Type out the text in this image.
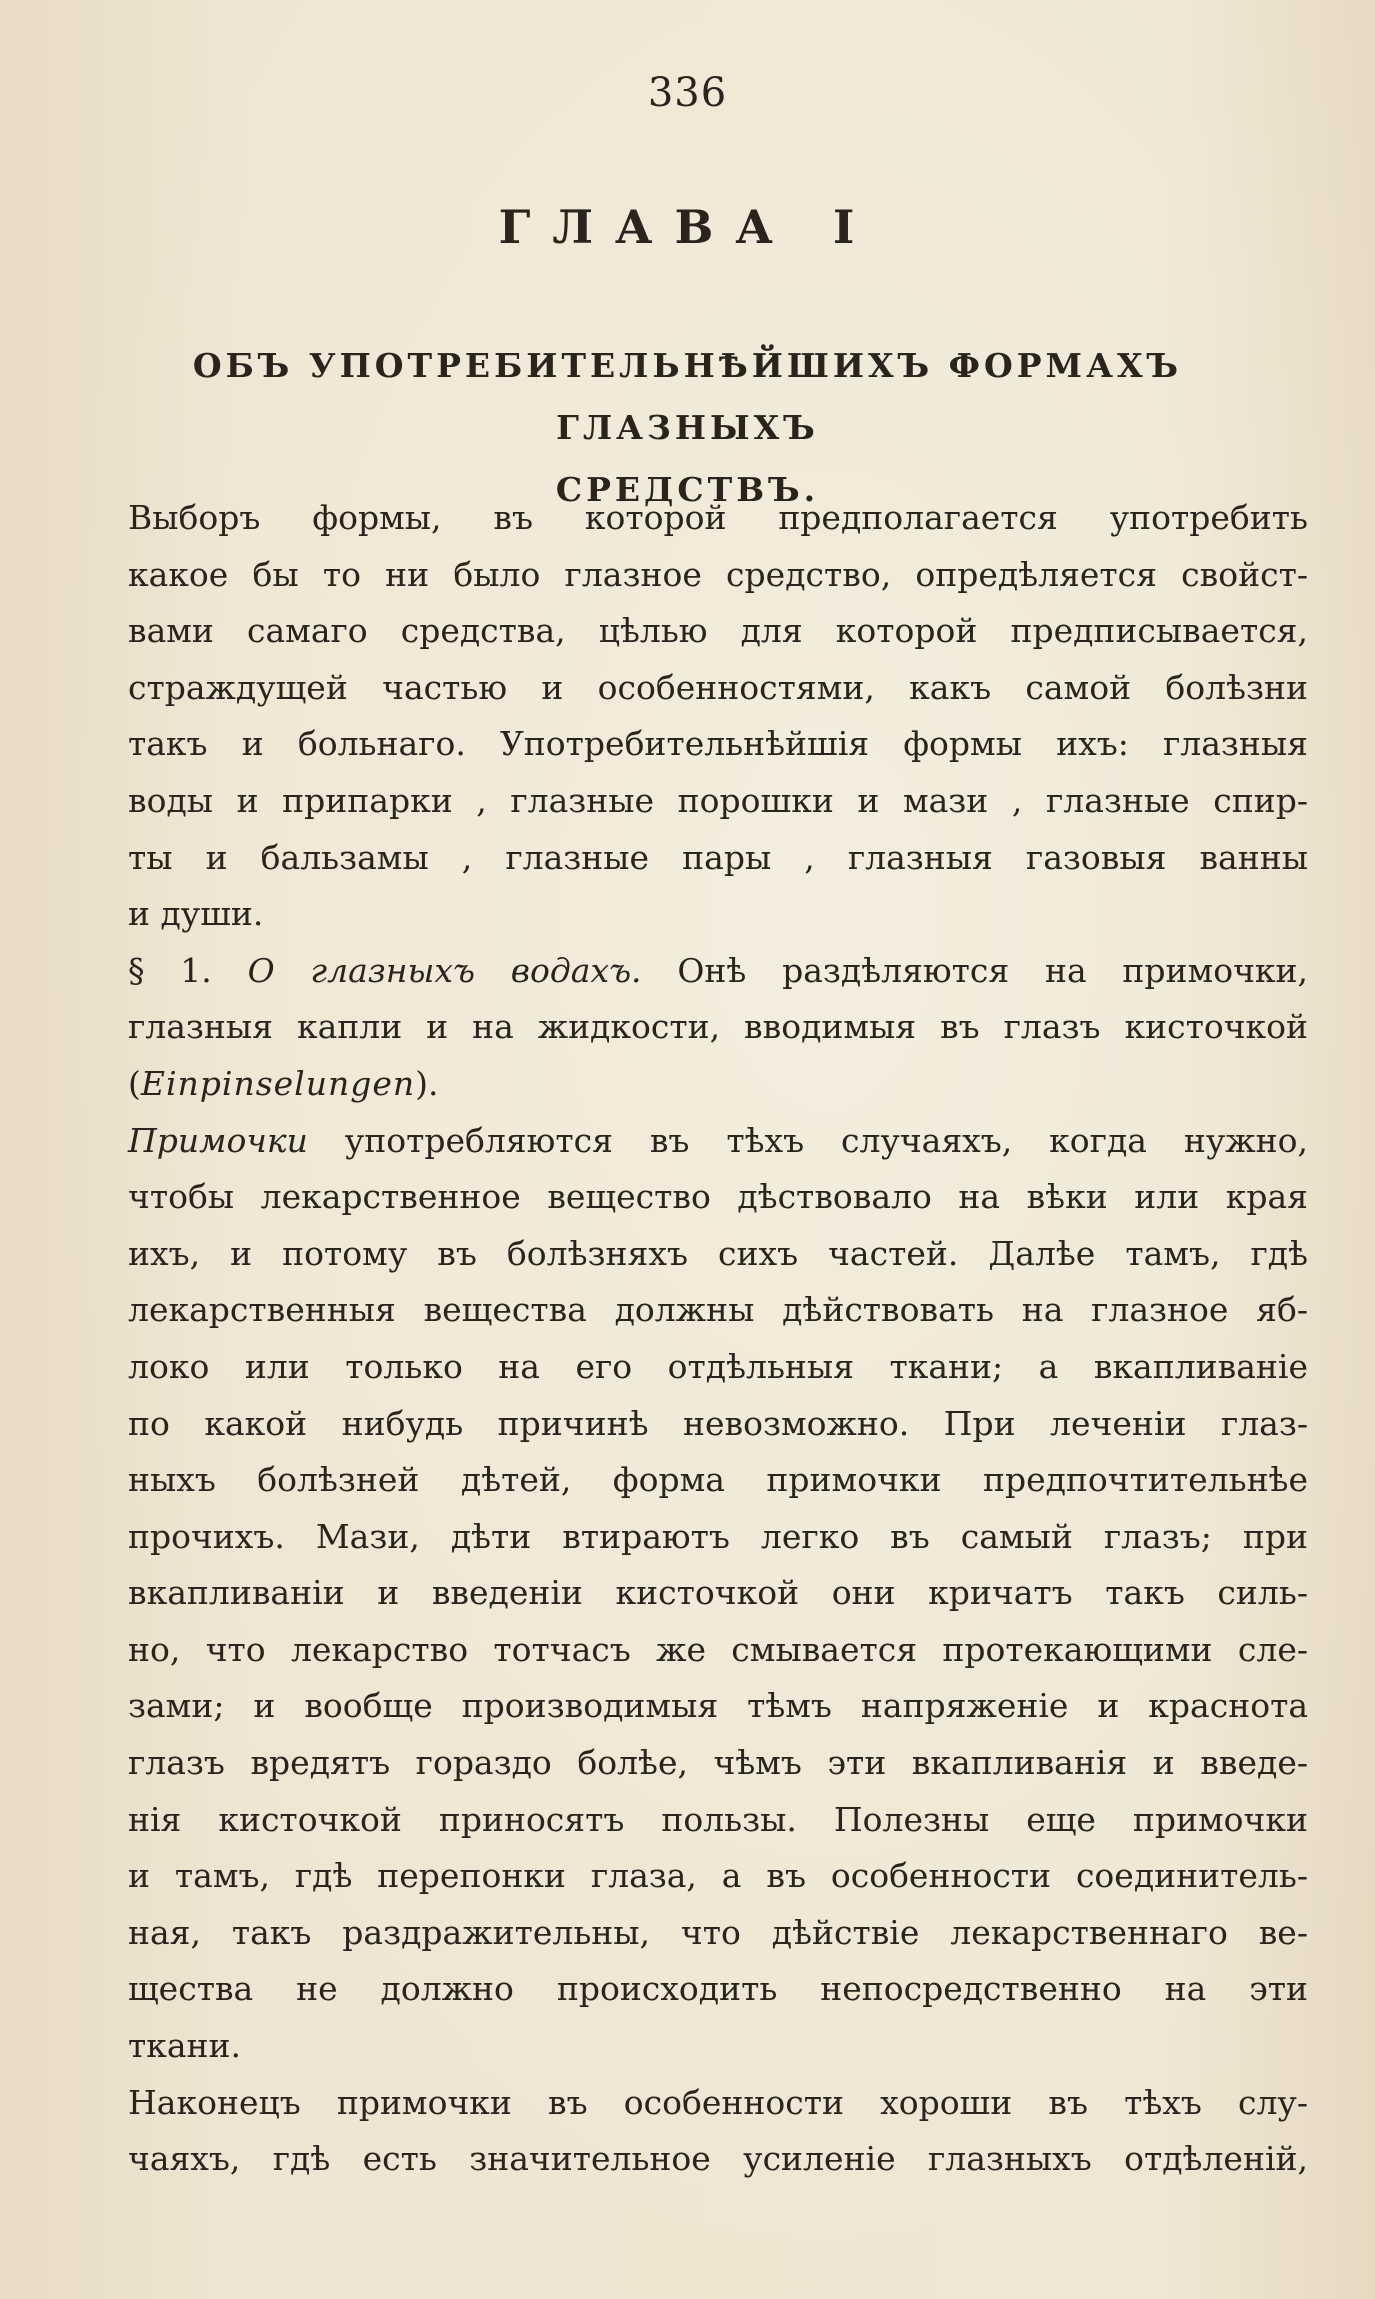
336
ГЛАВА I
ОБЪ УПОТРЕБИТЕЛЬНѢЙШИХЪ ФОРМАХЪ ГЛАЗНЫХЪ
СРЕДСТВЪ.
Выборъ формы, въ которой предполагается употребить
какое бы то ни было глазное средство, опредѣляется свойст-
вами самаго средства, цѣлью для которой предписывается,
страждущей частью и особенностями, какъ самой болѣзни
такъ и больнаго. Употребительнѣйшія формы ихъ: глазныя
воды и припарки , глазные порошки и мази , глазные спир-
ты и бальзамы , глазные пары , глазныя газовыя ванны
и души.
§ 1. О глазныхъ водахъ. Онѣ раздѣляются на примочки,
глазныя капли и на жидкости, вводимыя въ глазъ кисточкой
(Einpinselungen).
Примочки употребляются въ тѣхъ случаяхъ, когда нужно,
чтобы лекарственное вещество дѣствовало на вѣки или края
ихъ, и потому въ болѣзняхъ сихъ частей. Далѣе тамъ, гдѣ
лекарственныя вещества должны дѣйствовать на глазное яб-
локо или только на его отдѣльныя ткани; а вкапливаніе
по какой нибудь причинѣ невозможно. При леченіи глаз-
ныхъ болѣзней дѣтей, форма примочки предпочтительнѣе
прочихъ. Мази, дѣти втираютъ легко въ самый глазъ; при
вкапливаніи и введеніи кисточкой они кричатъ такъ силь-
но, что лекарство тотчасъ же смывается протекающими сле-
зами; и вообще производимыя тѣмъ напряженіе и краснота
глазъ вредятъ гораздо болѣе, чѣмъ эти вкапливанія и введе-
нія кисточкой приносятъ пользы. Полезны еще примочки
и тамъ, гдѣ перепонки глаза, а въ особенности соединитель-
ная, такъ раздражительны, что дѣйствіе лекарственнаго ве-
щества не должно происходить непосредственно на эти
ткани.
Наконецъ примочки въ особенности хороши въ тѣхъ слу-
чаяхъ, гдѣ есть значительное усиленіе глазныхъ отдѣленій,
